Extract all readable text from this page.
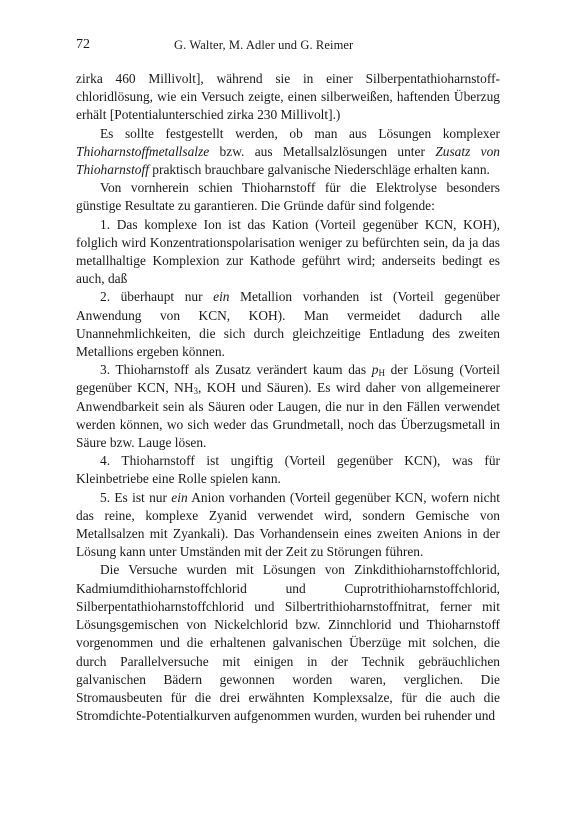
72	G. Walter, M. Adler und G. Reimer

zirka 460 Millivolt], während sie in einer Silberpentathioharnstoffchloridlösung, wie ein Versuch zeigte, einen silberweißen, haftenden Überzug erhält [Potentialunterschied zirka 230 Millivolt].)

Es sollte festgestellt werden, ob man aus Lösungen komplexer Thioharnstoffmetallsalze bzw. aus Metallsalzlösungen unter Zusatz von Thioharnstoff praktisch brauchbare galvanische Niederschläge erhalten kann.

Von vornherein schien Thioharnstoff für die Elektrolyse besonders günstige Resultate zu garantieren. Die Gründe dafür sind folgende:

1. Das komplexe Ion ist das Kation (Vorteil gegenüber KCN, KOH), folglich wird Konzentrationspolarisation weniger zu befürchten sein, da ja das metallhaltige Komplexion zur Kathode geführt wird; anderseits bedingt es auch, daß

2. überhaupt nur ein Metallion vorhanden ist (Vorteil gegenüber Anwendung von KCN, KOH). Man vermeidet dadurch alle Unannehmlichkeiten, die sich durch gleichzeitige Entladung des zweiten Metallions ergeben können.

3. Thioharnstoff als Zusatz verändert kaum das $p_H$ der Lösung (Vorteil gegenüber KCN, $NH_3$, KOH und Säuren). Es wird daher von allgemeinerer Anwendbarkeit sein als Säuren oder Laugen, die nur in den Fällen verwendet werden können, wo sich weder das Grundmetall, noch das Überzugsmetall in Säure bzw. Lauge lösen.

4. Thioharnstoff ist ungiftig (Vorteil gegenüber KCN), was für Kleinbetriebe eine Rolle spielen kann.

5. Es ist nur ein Anion vorhanden (Vorteil gegenüber KCN, wofern nicht das reine, komplexe Zyanid verwendet wird, sondern Gemische von Metallsalzen mit Zyankali). Das Vorhandensein eines zweiten Anions in der Lösung kann unter Umständen mit der Zeit zu Störungen führen.

Die Versuche wurden mit Lösungen von Zinkdithioharnstoffchlorid, Kadmiumdithioharnstoffchlorid und Cuprotrithioharnstoffchlorid, Silberpentathioharnstoffchlorid und Silbertrithioharnstoffnitrat, ferner mit Lösungsgemischen von Nickelchlorid bzw. Zinnchlorid und Thioharnstoff vorgenommen und die erhaltenen galvanischen Überzüge mit solchen, die durch Parallelversuche mit einigen in der Technik gebräuchlichen galvanischen Bädern gewonnen worden waren, verglichen. Die Stromausbeuten für die drei erwähnten Komplexsalze, für die auch die Stromdichte-Potentialkurven aufgenommen wurden, wurden bei ruhender und
